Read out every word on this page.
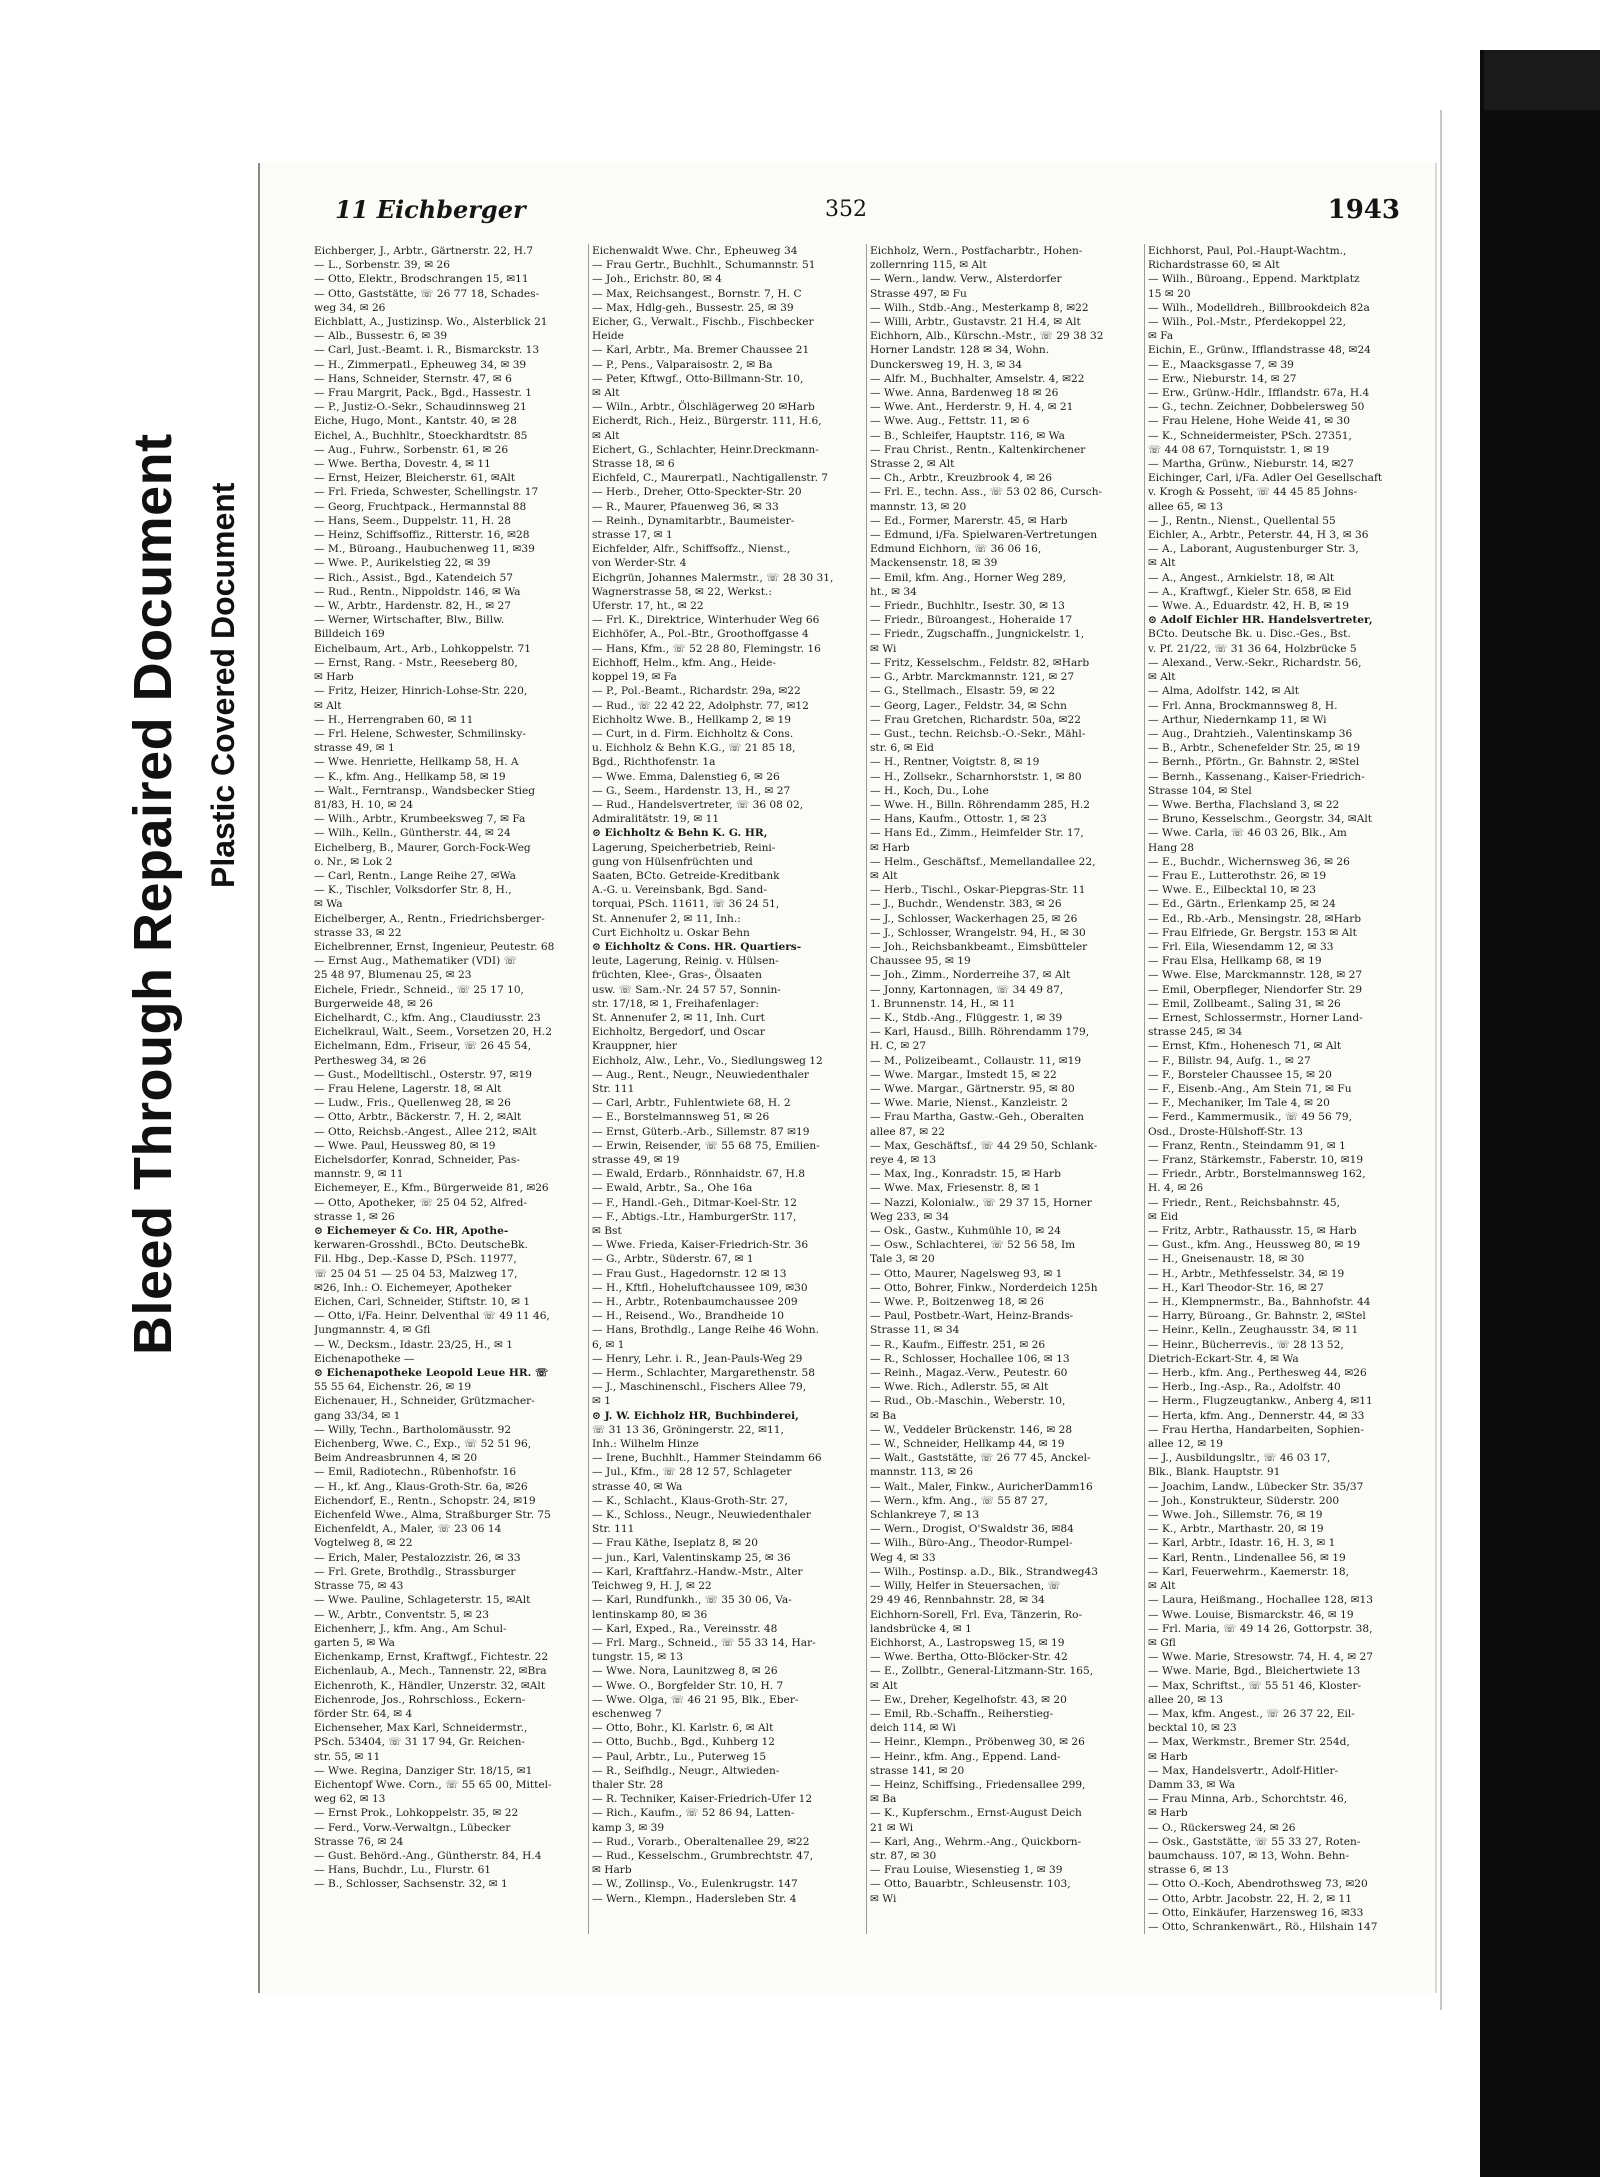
Bleed Through Repaired Document Plastic Covered Document
11 Eichberger	352	1943
Eichberger, J., Arbtr., Gärtnerstr. 22, H.7
— L., Sorbenstr. 39, ✉ 26
— Otto, Elektr., Brodschrangen 15, ✉11
— Otto, Gaststätte, ☏ 26 77 18, Schades-
weg 34, ✉ 26
Eichblatt, A., Justizinsp. Wo., Alsterblick 21
— Alb., Bussestr. 6, ✉ 39
— Carl, Just.-Beamt. i. R., Bismarckstr. 13
— H., Zimmerpatl., Epheuweg 34, ✉ 39
— Hans, Schneider, Sternstr. 47, ✉ 6
— Frau Margrit, Pack., Bgd., Hassestr. 1
— P., Justiz-O.-Sekr., Schaudinnsweg 21
Eiche, Hugo, Mont., Kantstr. 40, ✉ 28
Eichel, A., Buchhltr., Stoeckhardtstr. 85
— Aug., Fuhrw., Sorbenstr. 61, ✉ 26
— Wwe. Bertha, Dovestr. 4, ✉ 11
— Ernst, Heizer, Bleicherstr. 61, ✉Alt
— Frl. Frieda, Schwester, Schellingstr. 17
— Georg, Fruchtpack., Hermannstal 88
— Hans, Seem., Duppelstr. 11, H. 28
— Heinz, Schiffsoffiz., Ritterstr. 16, ✉28
— M., Büroang., Haubuchenweg 11, ✉39
— Wwe. P., Aurikelstieg 22, ✉ 39
— Rich., Assist., Bgd., Katendeich 57
— Rud., Rentn., Nippoldstr. 146, ✉ Wa
— W., Arbtr., Hardenstr. 82, H., ✉ 27
— Werner, Wirtschafter, Blw., Billw.
Billdeich 169
Eichelbaum, Art., Arb., Lohkoppelstr. 71
— Ernst, Rang. - Mstr., Reeseberg 80,
✉ Harb
— Fritz, Heizer, Hinrich-Lohse-Str. 220,
✉ Alt
— H., Herrengraben 60, ✉ 11
— Frl. Helene, Schwester, Schmilinsky-
strasse 49, ✉ 1
— Wwe. Henriette, Hellkamp 58, H. A
— K., kfm. Ang., Hellkamp 58, ✉ 19
— Walt., Ferntransp., Wandsbecker Stieg
81/83, H. 10, ✉ 24
— Wilh., Arbtr., Krumbeeksweg 7, ✉ Fa
— Wilh., Kelln., Güntherstr. 44, ✉ 24
Eichelberg, B., Maurer, Gorch-Fock-Weg
o. Nr., ✉ Lok 2
— Carl, Rentn., Lange Reihe 27, ✉Wa
— K., Tischler, Volksdorfer Str. 8, H.,
✉ Wa
Eichelberger, A., Rentn., Friedrichsberger-
strasse 33, ✉ 22
Eichelbrenner, Ernst, Ingenieur, Peutestr. 68
— Ernst Aug., Mathematiker (VDI) ☏
25 48 97, Blumenau 25, ✉ 23
Eichele, Friedr., Schneid., ☏ 25 17 10,
Burgerweide 48, ✉ 26
Eichelhardt, C., kfm. Ang., Claudiusstr. 23
Eichelkraul, Walt., Seem., Vorsetzen 20, H.2
Eichelmann, Edm., Friseur, ☏ 26 45 54,
Perthesweg 34, ✉ 26
— Gust., Modelltischl., Osterstr. 97, ✉19
— Frau Helene, Lagerstr. 18, ✉ Alt
— Ludw., Fris., Quellenweg 28, ✉ 26
— Otto, Arbtr., Bäckerstr. 7, H. 2, ✉Alt
— Otto, Reichsb.-Angest., Allee 212, ✉Alt
— Wwe. Paul, Heussweg 80, ✉ 19
Eichelsdorfer, Konrad, Schneider, Pas-
mannstr. 9, ✉ 11
Eichemeyer, E., Kfm., Bürgerweide 81, ✉26
— Otto, Apotheker, ☏ 25 04 52, Alfred-
strasse 1, ✉ 26
⊙ Eichemeyer & Co. HR, Apothe-
kerwaren-Grosshdl., BCto. DeutscheBk.
Fil. Hbg., Dep.-Kasse D, PSch. 11977,
☏ 25 04 51 — 25 04 53, Malzweg 17,
✉26, Inh.: O. Eichemeyer, Apotheker
Eichen, Carl, Schneider, Stiftstr. 10, ✉ 1
— Otto, i/Fa. Heinr. Delventhal ☏ 49 11 46,
Jungmannstr. 4, ✉ Gfl
— W., Decksm., Idastr. 23/25, H., ✉ 1
Eichenapotheke —
⊙ Eichenapotheke Leopold Leue HR. ☏
55 55 64, Eichenstr. 26, ✉ 19
Eichenauer, H., Schneider, Grützmacher-
gang 33/34, ✉ 1
— Willy, Techn., Bartholomäusstr. 92
Eichenberg, Wwe. C., Exp., ☏ 52 51 96,
Beim Andreasbrunnen 4, ✉ 20
— Emil, Radiotechn., Rübenhofstr. 16
— H., kf. Ang., Klaus-Groth-Str. 6a, ✉26
Eichendorf, E., Rentn., Schopstr. 24, ✉19
Eichenfeld Wwe., Alma, Straßburger Str. 75
Eichenfeldt, A., Maler, ☏ 23 06 14
Vogtelweg 8, ✉ 22
— Erich, Maler, Pestalozzistr. 26, ✉ 33
— Frl. Grete, Brothdlg., Strassburger
Strasse 75, ✉ 43
— Wwe. Pauline, Schlageterstr. 15, ✉Alt
— W., Arbtr., Conventstr. 5, ✉ 23
Eichenherr, J., kfm. Ang., Am Schul-
garten 5, ✉ Wa
Eichenkamp, Ernst, Kraftwgf., Fichtestr. 22
Eichenlaub, A., Mech., Tannenstr. 22, ✉Bra
Eichenroth, K., Händler, Unzerstr. 32, ✉Alt
Eichenrode, Jos., Rohrschloss., Eckern-
förder Str. 64, ✉ 4
Eichenseher, Max Karl, Schneidermstr.,
PSch. 53404, ☏ 31 17 94, Gr. Reichen-
str. 55, ✉ 11
— Wwe. Regina, Danziger Str. 18/15, ✉1
Eichentopf Wwe. Corn., ☏ 55 65 00, Mittel-
weg 62, ✉ 13
— Ernst Prok., Lohkoppelstr. 35, ✉ 22
— Ferd., Vorw.-Verwaltgn., Lübecker
Strasse 76, ✉ 24
— Gust. Behörd.-Ang., Güntherstr. 84, H.4
— Hans, Buchdr., Lu., Flurstr. 61
— B., Schlosser, Sachsenstr. 32, ✉ 1
Eichenwaldt Wwe. Chr., Epheuweg 34
— Frau Gertr., Buchhlt., Schumannstr. 51
— Joh., Erichstr. 80, ✉ 4
— Max, Reichsangest., Bornstr. 7, H. C
— Max, Hdlg-geh., Bussestr. 25, ✉ 39
Eicher, G., Verwalt., Fischb., Fischbecker
Heide
— Karl, Arbtr., Ma. Bremer Chaussee 21
— P., Pens., Valparaisostr. 2, ✉ Ba
— Peter, Kftwgf., Otto-Billmann-Str. 10,
✉ Alt
— Wiln., Arbtr., Ölschlägerweg 20 ✉Harb
Eicherdt, Rich., Heiz., Bürgerstr. 111, H.6,
✉ Alt
Eichert, G., Schlachter, Heinr.Dreckmann-
Strasse 18, ✉ 6
Eichfeld, C., Maurerpatl., Nachtigallenstr. 7
— Herb., Dreher, Otto-Speckter-Str. 20
— R., Maurer, Pfauenweg 36, ✉ 33
— Reinh., Dynamitarbtr., Baumeister-
strasse 17, ✉ 1
Eichfelder, Alfr., Schiffsoffz., Nienst.,
von Werder-Str. 4
Eichgrün, Johannes Malermstr., ☏ 28 30 31,
Wagnerstrasse 58, ✉ 22, Werkst.:
Uferstr. 17, ht., ✉ 22
— Frl. K., Direktrice, Winterhuder Weg 66
Eichhöfer, A., Pol.-Btr., Groothoffgasse 4
— Hans, Kfm., ☏ 52 28 80, Flemingstr. 16
Eichhoff, Helm., kfm. Ang., Heide-
koppel 19, ✉ Fa
— P., Pol.-Beamt., Richardstr. 29a, ✉22
— Rud., ☏ 22 42 22, Adolphstr. 77, ✉12
Eichholtz Wwe. B., Hellkamp 2, ✉ 19
— Curt, in d. Firm. Eichholtz & Cons.
u. Eichholz & Behn K.G., ☏ 21 85 18,
Bgd., Richthofenstr. 1a
— Wwe. Emma, Dalenstieg 6, ✉ 26
— G., Seem., Hardenstr. 13, H., ✉ 27
— Rud., Handelsvertreter, ☏ 36 08 02,
Admiralitätstr. 19, ✉ 11
⊙ Eichholtz & Behn K. G. HR,
Lagerung, Speicherbetrieb, Reini-
gung von Hülsenfrüchten und
Saaten, BCto. Getreide-Kreditbank
A.-G. u. Vereinsbank, Bgd. Sand-
torquai, PSch. 11611, ☏ 36 24 51,
St. Annenufer 2, ✉ 11, Inh.:
Curt Eichholtz u. Oskar Behn
⊙ Eichholtz & Cons. HR. Quartiers-
leute, Lagerung, Reinig. v. Hülsen-
früchten, Klee-, Gras-, Ölsaaten
usw. ☏ Sam.-Nr. 24 57 57, Sonnin-
str. 17/18, ✉ 1, Freihafenlager:
St. Annenufer 2, ✉ 11, Inh. Curt
Eichholtz, Bergedorf, und Oscar
Krauppner, hier
Eichholz, Alw., Lehr., Vo., Siedlungsweg 12
— Aug., Rent., Neugr., Neuwiedenthaler
Str. 111
— Carl, Arbtr., Fuhlentwiete 68, H. 2
— E., Borstelmannsweg 51, ✉ 26
— Ernst, Güterb.-Arb., Sillemstr. 87 ✉19
— Erwin, Reisender, ☏ 55 68 75, Emilien-
strasse 49, ✉ 19
— Ewald, Erdarb., Rönnhaidstr. 67, H.8
— Ewald, Arbtr., Sa., Ohe 16a
— F., Handl.-Geh., Ditmar-Koel-Str. 12
— F., Abtigs.-Ltr., HamburgerStr. 117,
✉ Bst
— Wwe. Frieda, Kaiser-Friedrich-Str. 36
— G., Arbtr., Süderstr. 67, ✉ 1
— Frau Gust., Hagedornstr. 12 ✉ 13
— H., Kftfl., Hoheluftchaussee 109, ✉30
— H., Arbtr., Rotenbaumchaussee 209
— H., Reisend., Wo., Brandheide 10
— Hans, Brothdlg., Lange Reihe 46 Wohn.
6, ✉ 1
— Henry, Lehr. i. R., Jean-Pauls-Weg 29
— Herm., Schlachter, Margarethenstr. 58
— J., Maschinenschl., Fischers Allee 79,
✉ 1
⊙ J. W. Eichholz HR, Buchbinderei,
☏ 31 13 36, Gröningerstr. 22, ✉11,
Inh.: Wilhelm Hinze
— Irene, Buchhlt., Hammer Steindamm 66
— Jul., Kfm., ☏ 28 12 57, Schlageter
strasse 40, ✉ Wa
— K., Schlacht., Klaus-Groth-Str. 27,
— K., Schloss., Neugr., Neuwiedenthaler
Str. 111
— Frau Käthe, Iseplatz 8, ✉ 20
— jun., Karl, Valentinskamp 25, ✉ 36
— Karl, Kraftfahrz.-Handw.-Mstr., Alter
Teichweg 9, H. J, ✉ 22
— Karl, Rundfunkh., ☏ 35 30 06, Va-
lentinskamp 80, ✉ 36
— Karl, Exped., Ra., Vereinsstr. 48
— Frl. Marg., Schneid., ☏ 55 33 14, Har-
tungstr. 15, ✉ 13
— Wwe. Nora, Launitzweg 8, ✉ 26
— Wwe. O., Borgfelder Str. 10, H. 7
— Wwe. Olga, ☏ 46 21 95, Blk., Eber-
eschenweg 7
— Otto, Bohr., Kl. Karlstr. 6, ✉ Alt
— Otto, Buchb., Bgd., Kuhberg 12
— Paul, Arbtr., Lu., Puterweg 15
— R., Seifhdlg., Neugr., Altwieden-
thaler Str. 28
— R. Techniker, Kaiser-Friedrich-Ufer 12
— Rich., Kaufm., ☏ 52 86 94, Latten-
kamp 3, ✉ 39
— Rud., Vorarb., Oberaltenallee 29, ✉22
— Rud., Kesselschm., Grumbrechtstr. 47,
✉ Harb
— W., Zollinsp., Vo., Eulenkrugstr. 147
— Wern., Klempn., Hadersleben Str. 4
Eichholz, Wern., Postfacharbtr., Hohen-
zollernring 115, ✉ Alt
— Wern., landw. Verw., Alsterdorfer
Strasse 497, ✉ Fu
— Wilh., Stdb.-Ang., Mesterkamp 8, ✉22
— Willi, Arbtr., Gustavstr. 21 H.4, ✉ Alt
Eichhorn, Alb., Kürschn.-Mstr., ☏ 29 38 32
Horner Landstr. 128 ✉ 34, Wohn.
Dunckersweg 19, H. 3, ✉ 34
— Alfr. M., Buchhalter, Amselstr. 4, ✉22
— Wwe. Anna, Bardenweg 18 ✉ 26
— Wwe. Ant., Herderstr. 9, H. 4, ✉ 21
— Wwe. Aug., Fettstr. 11, ✉ 6
— B., Schleifer, Hauptstr. 116, ✉ Wa
— Frau Christ., Rentn., Kaltenkirchener
Strasse 2, ✉ Alt
— Ch., Arbtr., Kreuzbrook 4, ✉ 26
— Frl. E., techn. Ass., ☏ 53 02 86, Cursch-
mannstr. 13, ✉ 20
— Ed., Former, Marerstr. 45, ✉ Harb
— Edmund, i/Fa. Spielwaren-Vertretungen
Edmund Eichhorn, ☏ 36 06 16,
Mackensenstr. 18, ✉ 39
— Emil, kfm. Ang., Horner Weg 289,
ht., ✉ 34
— Friedr., Buchhltr., Isestr. 30, ✉ 13
— Friedr., Büroangest., Hoheraide 17
— Friedr., Zugschaffn., Jungnickelstr. 1,
✉ Wi
— Fritz, Kesselschm., Feldstr. 82, ✉Harb
— G., Arbtr. Marckmannstr. 121, ✉ 27
— G., Stellmach., Elsastr. 59, ✉ 22
— Georg, Lager., Feldstr. 34, ✉ Schn
— Frau Gretchen, Richardstr. 50a, ✉22
— Gust., techn. Reichsb.-O.-Sekr., Mähl-
str. 6, ✉ Eid
— H., Rentner, Voigtstr. 8, ✉ 19
— H., Zollsekr., Scharnhorststr. 1, ✉ 80
— H., Koch, Du., Lohe
— Wwe. H., Billn. Röhrendamm 285, H.2
— Hans, Kaufm., Ottostr. 1, ✉ 23
— Hans Ed., Zimm., Heimfelder Str. 17,
✉ Harb
— Helm., Geschäftsf., Memellandallee 22,
✉ Alt
— Herb., Tischl., Oskar-Piepgras-Str. 11
— J., Buchdr., Wendenstr. 383, ✉ 26
— J., Schlosser, Wackerhagen 25, ✉ 26
— J., Schlosser, Wrangelstr. 94, H., ✉ 30
— Joh., Reichsbankbeamt., Eimsbütteler
Chaussee 95, ✉ 19
— Joh., Zimm., Norderreihe 37, ✉ Alt
— Jonny, Kartonnagen, ☏ 34 49 87,
1. Brunnenstr. 14, H., ✉ 11
— K., Stdb.-Ang., Flüggestr. 1, ✉ 39
— Karl, Hausd., Billh. Röhrendamm 179,
H. C, ✉ 27
— M., Polizeibeamt., Collaustr. 11, ✉19
— Wwe. Margar., Imstedt 15, ✉ 22
— Wwe. Margar., Gärtnerstr. 95, ✉ 80
— Wwe. Marie, Nienst., Kanzleistr. 2
— Frau Martha, Gastw.-Geh., Oberalten
allee 87, ✉ 22
— Max, Geschäftsf., ☏ 44 29 50, Schlank-
reye 4, ✉ 13
— Max, Ing., Konradstr. 15, ✉ Harb
— Wwe. Max, Friesenstr. 8, ✉ 1
— Nazzi, Kolonialw., ☏ 29 37 15, Horner
Weg 233, ✉ 34
— Osk., Gastw., Kuhmühle 10, ✉ 24
— Osw., Schlachterei, ☏ 52 56 58, Im
Tale 3, ✉ 20
— Otto, Maurer, Nagelsweg 93, ✉ 1
— Otto, Bohrer, Finkw., Norderdeich 125h
— Wwe. P., Boitzenweg 18, ✉ 26
— Paul, Postbetr.-Wart, Heinz-Brands-
Strasse 11, ✉ 34
— R., Kaufm., Eiffestr. 251, ✉ 26
— R., Schlosser, Hochallee 106, ✉ 13
— Reinh., Magaz.-Verw., Peutestr. 60
— Wwe. Rich., Adlerstr. 55, ✉ Alt
— Rud., Ob.-Maschin., Weberstr. 10,
✉ Ba
— W., Veddeler Brückenstr. 146, ✉ 28
— W., Schneider, Hellkamp 44, ✉ 19
— Walt., Gaststätte, ☏ 26 77 45, Anckel-
mannstr. 113, ✉ 26
— Walt., Maler, Finkw., AuricherDamm16
— Wern., kfm. Ang., ☏ 55 87 27,
Schlankreye 7, ✉ 13
— Wern., Drogist, O'Swaldstr 36, ✉84
— Wilh., Büro-Ang., Theodor-Rumpel-
Weg 4, ✉ 33
— Wilh., Postinsp. a.D., Blk., Strandweg43
— Willy, Helfer in Steuersachen, ☏
29 49 46, Rennbahnstr. 28, ✉ 34
Eichhorn-Sorell, Frl. Eva, Tänzerin, Ro-
landsbrücke 4, ✉ 1
Eichhorst, A., Lastropsweg 15, ✉ 19
— Wwe. Bertha, Otto-Blöcker-Str. 42
— E., Zollbtr., General-Litzmann-Str. 165,
✉ Alt
— Ew., Dreher, Kegelhofstr. 43, ✉ 20
— Emil, Rb.-Schaffn., Reiherstieg-
deich 114, ✉ Wi
— Heinr., Klempn., Pröbenweg 30, ✉ 26
— Heinr., kfm. Ang., Eppend. Land-
strasse 141, ✉ 20
— Heinz, Schiffsing., Friedensallee 299,
✉ Ba
— K., Kupferschm., Ernst-August Deich
21 ✉ Wi
— Karl, Ang., Wehrm.-Ang., Quickborn-
str. 87, ✉ 30
— Frau Louise, Wiesenstieg 1, ✉ 39
— Otto, Bauarbtr., Schleusenstr. 103,
✉ Wi
Eichhorst, Paul, Pol.-Haupt-Wachtm.,
Richardstrasse 60, ✉ Alt
— Wilh., Büroang., Eppend. Marktplatz
15 ✉ 20
— Wilh., Modelldreh., Billbrookdeich 82a
— Wilh., Pol.-Mstr., Pferdekoppel 22,
✉ Fa
Eichin, E., Grünw., Ifflandstrasse 48, ✉24
— E., Maacksgasse 7, ✉ 39
— Erw., Nieburstr. 14, ✉ 27
— Erw., Grünw.-Hdlr., Ifflandstr. 67a, H.4
— G., techn. Zeichner, Dobbelersweg 50
— Frau Helene, Hohe Weide 41, ✉ 30
— K., Schneidermeister, PSch. 27351,
☏ 44 08 67, Tornquiststr. 1, ✉ 19
— Martha, Grünw., Nieburstr. 14, ✉27
Eichinger, Carl, i/Fa. Adler Oel Gesellschaft
v. Krogh & Posseht, ☏ 44 45 85 Johns-
allee 65, ✉ 13
— J., Rentn., Nienst., Quellental 55
Eichler, A., Arbtr., Peterstr. 44, H 3, ✉ 36
— A., Laborant, Augustenburger Str. 3,
✉ Alt
— A., Angest., Arnkielstr. 18, ✉ Alt
— A., Kraftwgf., Kieler Str. 658, ✉ Eid
— Wwe. A., Eduardstr. 42, H. B, ✉ 19
⊙ Adolf Eichler HR. Handelsvertreter,
BCto. Deutsche Bk. u. Disc.-Ges., Bst.
v. Pf. 21/22, ☏ 31 36 64, Holzbrücke 5
— Alexand., Verw.-Sekr., Richardstr. 56,
✉ Alt
— Alma, Adolfstr. 142, ✉ Alt
— Frl. Anna, Brockmannsweg 8, H.
— Arthur, Niedernkamp 11, ✉ Wi
— Aug., Drahtzieh., Valentinskamp 36
— B., Arbtr., Schenefelder Str. 25, ✉ 19
— Bernh., Pförtn., Gr. Bahnstr. 2, ✉Stel
— Bernh., Kassenang., Kaiser-Friedrich-
Strasse 104, ✉ Stel
— Wwe. Bertha, Flachsland 3, ✉ 22
— Bruno, Kesselschm., Georgstr. 34, ✉Alt
— Wwe. Carla, ☏ 46 03 26, Blk., Am
Hang 28
— E., Buchdr., Wichernsweg 36, ✉ 26
— Frau E., Lutterothstr. 26, ✉ 19
— Wwe. E., Eilbecktal 10, ✉ 23
— Ed., Gärtn., Erlenkamp 25, ✉ 24
— Ed., Rb.-Arb., Mensingstr. 28, ✉Harb
— Frau Elfriede, Gr. Bergstr. 153 ✉ Alt
— Frl. Eila, Wiesendamm 12, ✉ 33
— Frau Elsa, Hellkamp 68, ✉ 19
— Wwe. Else, Marckmannstr. 128, ✉ 27
— Emil, Oberpfleger, Niendorfer Str. 29
— Emil, Zollbeamt., Saling 31, ✉ 26
— Ernest, Schlossermstr., Horner Land-
strasse 245, ✉ 34
— Ernst, Kfm., Hohenesch 71, ✉ Alt
— F., Billstr. 94, Aufg. 1., ✉ 27
— F., Borsteler Chaussee 15, ✉ 20
— F., Eisenb.-Ang., Am Stein 71, ✉ Fu
— F., Mechaniker, Im Tale 4, ✉ 20
— Ferd., Kammermusik., ☏ 49 56 79,
Osd., Droste-Hülshoff-Str. 13
— Franz, Rentn., Steindamm 91, ✉ 1
— Franz, Stärkemstr., Faberstr. 10, ✉19
— Friedr., Arbtr., Borstelmannsweg 162,
H. 4, ✉ 26
— Friedr., Rent., Reichsbahnstr. 45,
✉ Eid
— Fritz, Arbtr., Rathausstr. 15, ✉ Harb
— Gust., kfm. Ang., Heussweg 80, ✉ 19
— H., Gneisenaustr. 18, ✉ 30
— H., Arbtr., Methfesselstr. 34, ✉ 19
— H., Karl Theodor-Str. 16, ✉ 27
— H., Klempnermstr., Ba., Bahnhofstr. 44
— Harry, Büroang., Gr. Bahnstr. 2, ✉Stel
— Heinr., Kelln., Zeughausstr. 34, ✉ 11
— Heinr., Bücherrevis., ☏ 28 13 52,
Dietrich-Eckart-Str. 4, ✉ Wa
— Herb., kfm. Ang., Perthesweg 44, ✉26
— Herb., Ing.-Asp., Ra., Adolfstr. 40
— Herm., Flugzeugtankw., Anberg 4, ✉11
— Herta, kfm. Ang., Dennerstr. 44, ✉ 33
— Frau Hertha, Handarbeiten, Sophien-
allee 12, ✉ 19
— J., Ausbildungsltr., ☏ 46 03 17,
Blk., Blank. Hauptstr. 91
— Joachim, Landw., Lübecker Str. 35/37
— Joh., Konstrukteur, Süderstr. 200
— Wwe. Joh., Sillemstr. 76, ✉ 19
— K., Arbtr., Marthastr. 20, ✉ 19
— Karl, Arbtr., Idastr. 16, H. 3, ✉ 1
— Karl, Rentn., Lindenallee 56, ✉ 19
— Karl, Feuerwehrm., Kaemerstr. 18,
✉ Alt
— Laura, Heißmang., Hochallee 128, ✉13
— Wwe. Louise, Bismarckstr. 46, ✉ 19
— Frl. Maria, ☏ 49 14 26, Gottorpstr. 38,
✉ Gfl
— Wwe. Marie, Stresowstr. 74, H. 4, ✉ 27
— Wwe. Marie, Bgd., Bleichertwiete 13
— Max, Schriftst., ☏ 55 51 46, Kloster-
allee 20, ✉ 13
— Max, kfm. Angest., ☏ 26 37 22, Eil-
becktal 10, ✉ 23
— Max, Werkmstr., Bremer Str. 254d,
✉ Harb
— Max, Handelsvertr., Adolf-Hitler-
Damm 33, ✉ Wa
— Frau Minna, Arb., Schorchtstr. 46,
✉ Harb
— O., Rückersweg 24, ✉ 26
— Osk., Gaststätte, ☏ 55 33 27, Roten-
baumchauss. 107, ✉ 13, Wohn. Behn-
strasse 6, ✉ 13
— Otto O.-Koch, Abendrothsweg 73, ✉20
— Otto, Arbtr. Jacobstr. 22, H. 2, ✉ 11
— Otto, Einkäufer, Harzensweg 16, ✉33
— Otto, Schrankenwärt., Rö., Hilshain 147
